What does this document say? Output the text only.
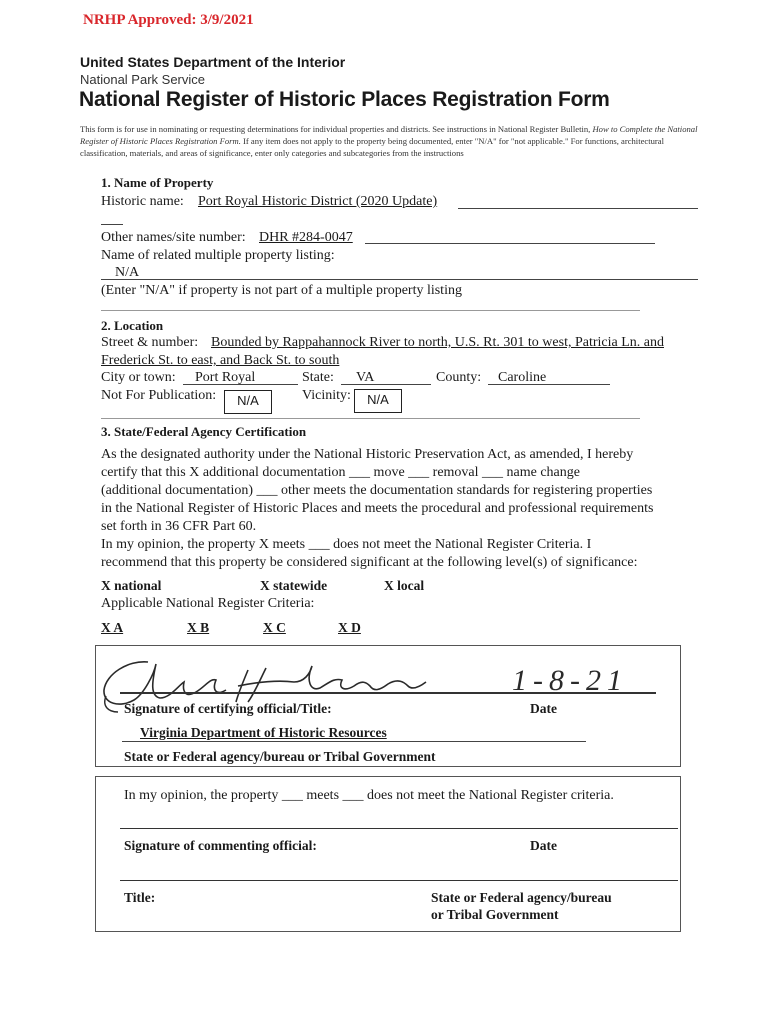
NRHP Approved: 3/9/2021
United States Department of the Interior
National Park Service
National Register of Historic Places Registration Form
This form is for use in nominating or requesting determinations for individual properties and districts. See instructions in National Register Bulletin, How to Complete the National Register of Historic Places Registration Form. If any item does not apply to the property being documented, enter "N/A" for "not applicable." For functions, architectural classification, materials, and areas of significance, enter only categories and subcategories from the instructions
1. Name of Property
Historic name: Port Royal Historic District (2020 Update)
Other names/site number: DHR #284-0047
Name of related multiple property listing:
N/A
(Enter "N/A" if property is not part of a multiple property listing
2. Location
Street & number: Bounded by Rappahannock River to north, U.S. Rt. 301 to west, Patricia Ln. and
Frederick St. to east, and Back St. to south
City or town: Port Royal	State: VA	County: Caroline
Not For Publication:	N/A	Vicinity:	N/A
3. State/Federal Agency Certification
As the designated authority under the National Historic Preservation Act, as amended, I hereby
certify that this X additional documentation ___ move ___ removal ___ name change
(additional documentation) ___ other meets the documentation standards for registering properties
in the National Register of Historic Places and meets the procedural and professional requirements
set forth in 36 CFR Part 60.
In my opinion, the property X meets ___ does not meet the National Register Criteria. I
recommend that this property be considered significant at the following level(s) of significance:
X national	X statewide	X local
Applicable National Register Criteria:
X A	X B	X C	X D
1-8-21
Signature of certifying official/Title:	Date
Virginia Department of Historic Resources
State or Federal agency/bureau or Tribal Government
In my opinion, the property ___ meets ___ does not meet the National Register criteria.
Signature of commenting official:	Date
Title:	State or Federal agency/bureau
or Tribal Government
